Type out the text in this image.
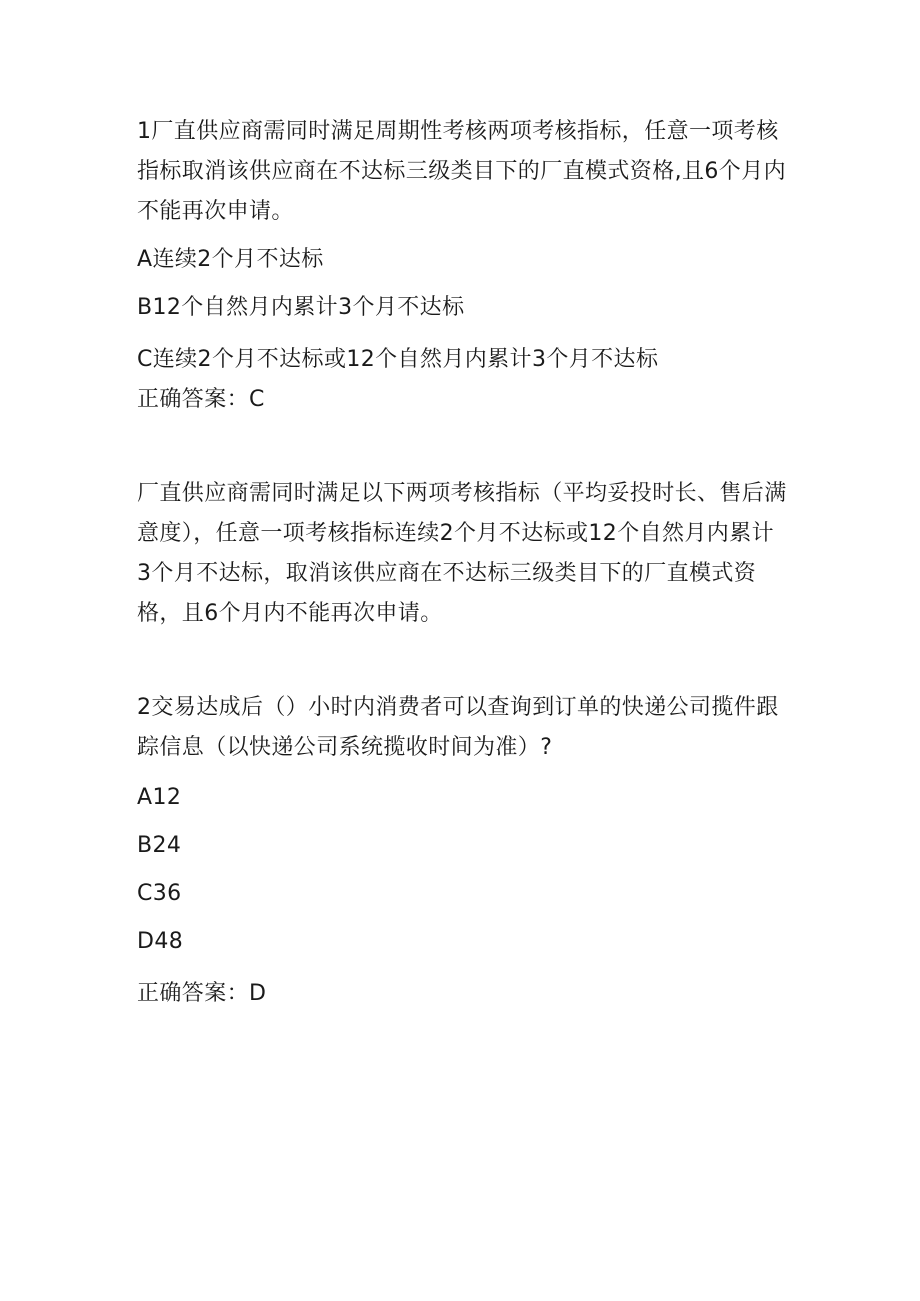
1厂直供应商需同时满足周期性考核两项考核指标，任意一项考核指标取消该供应商在不达标三级类目下的厂直模式资格,且6个月内不能再次申请。

A连续2个月不达标

B12个自然月内累计3个月不达标

C连续2个月不达标或12个自然月内累计3个月不达标

正确答案：C

厂直供应商需同时满足以下两项考核指标（平均妥投时长、售后满意度），任意一项考核指标连续2个月不达标或12个自然月内累计3个月不达标，取消该供应商在不达标三级类目下的厂直模式资格，且6个月内不能再次申请。

2交易达成后（）小时内消费者可以查询到订单的快递公司揽件跟踪信息（以快递公司系统揽收时间为准）?

A12

B24

C36

D48

正确答案：D
